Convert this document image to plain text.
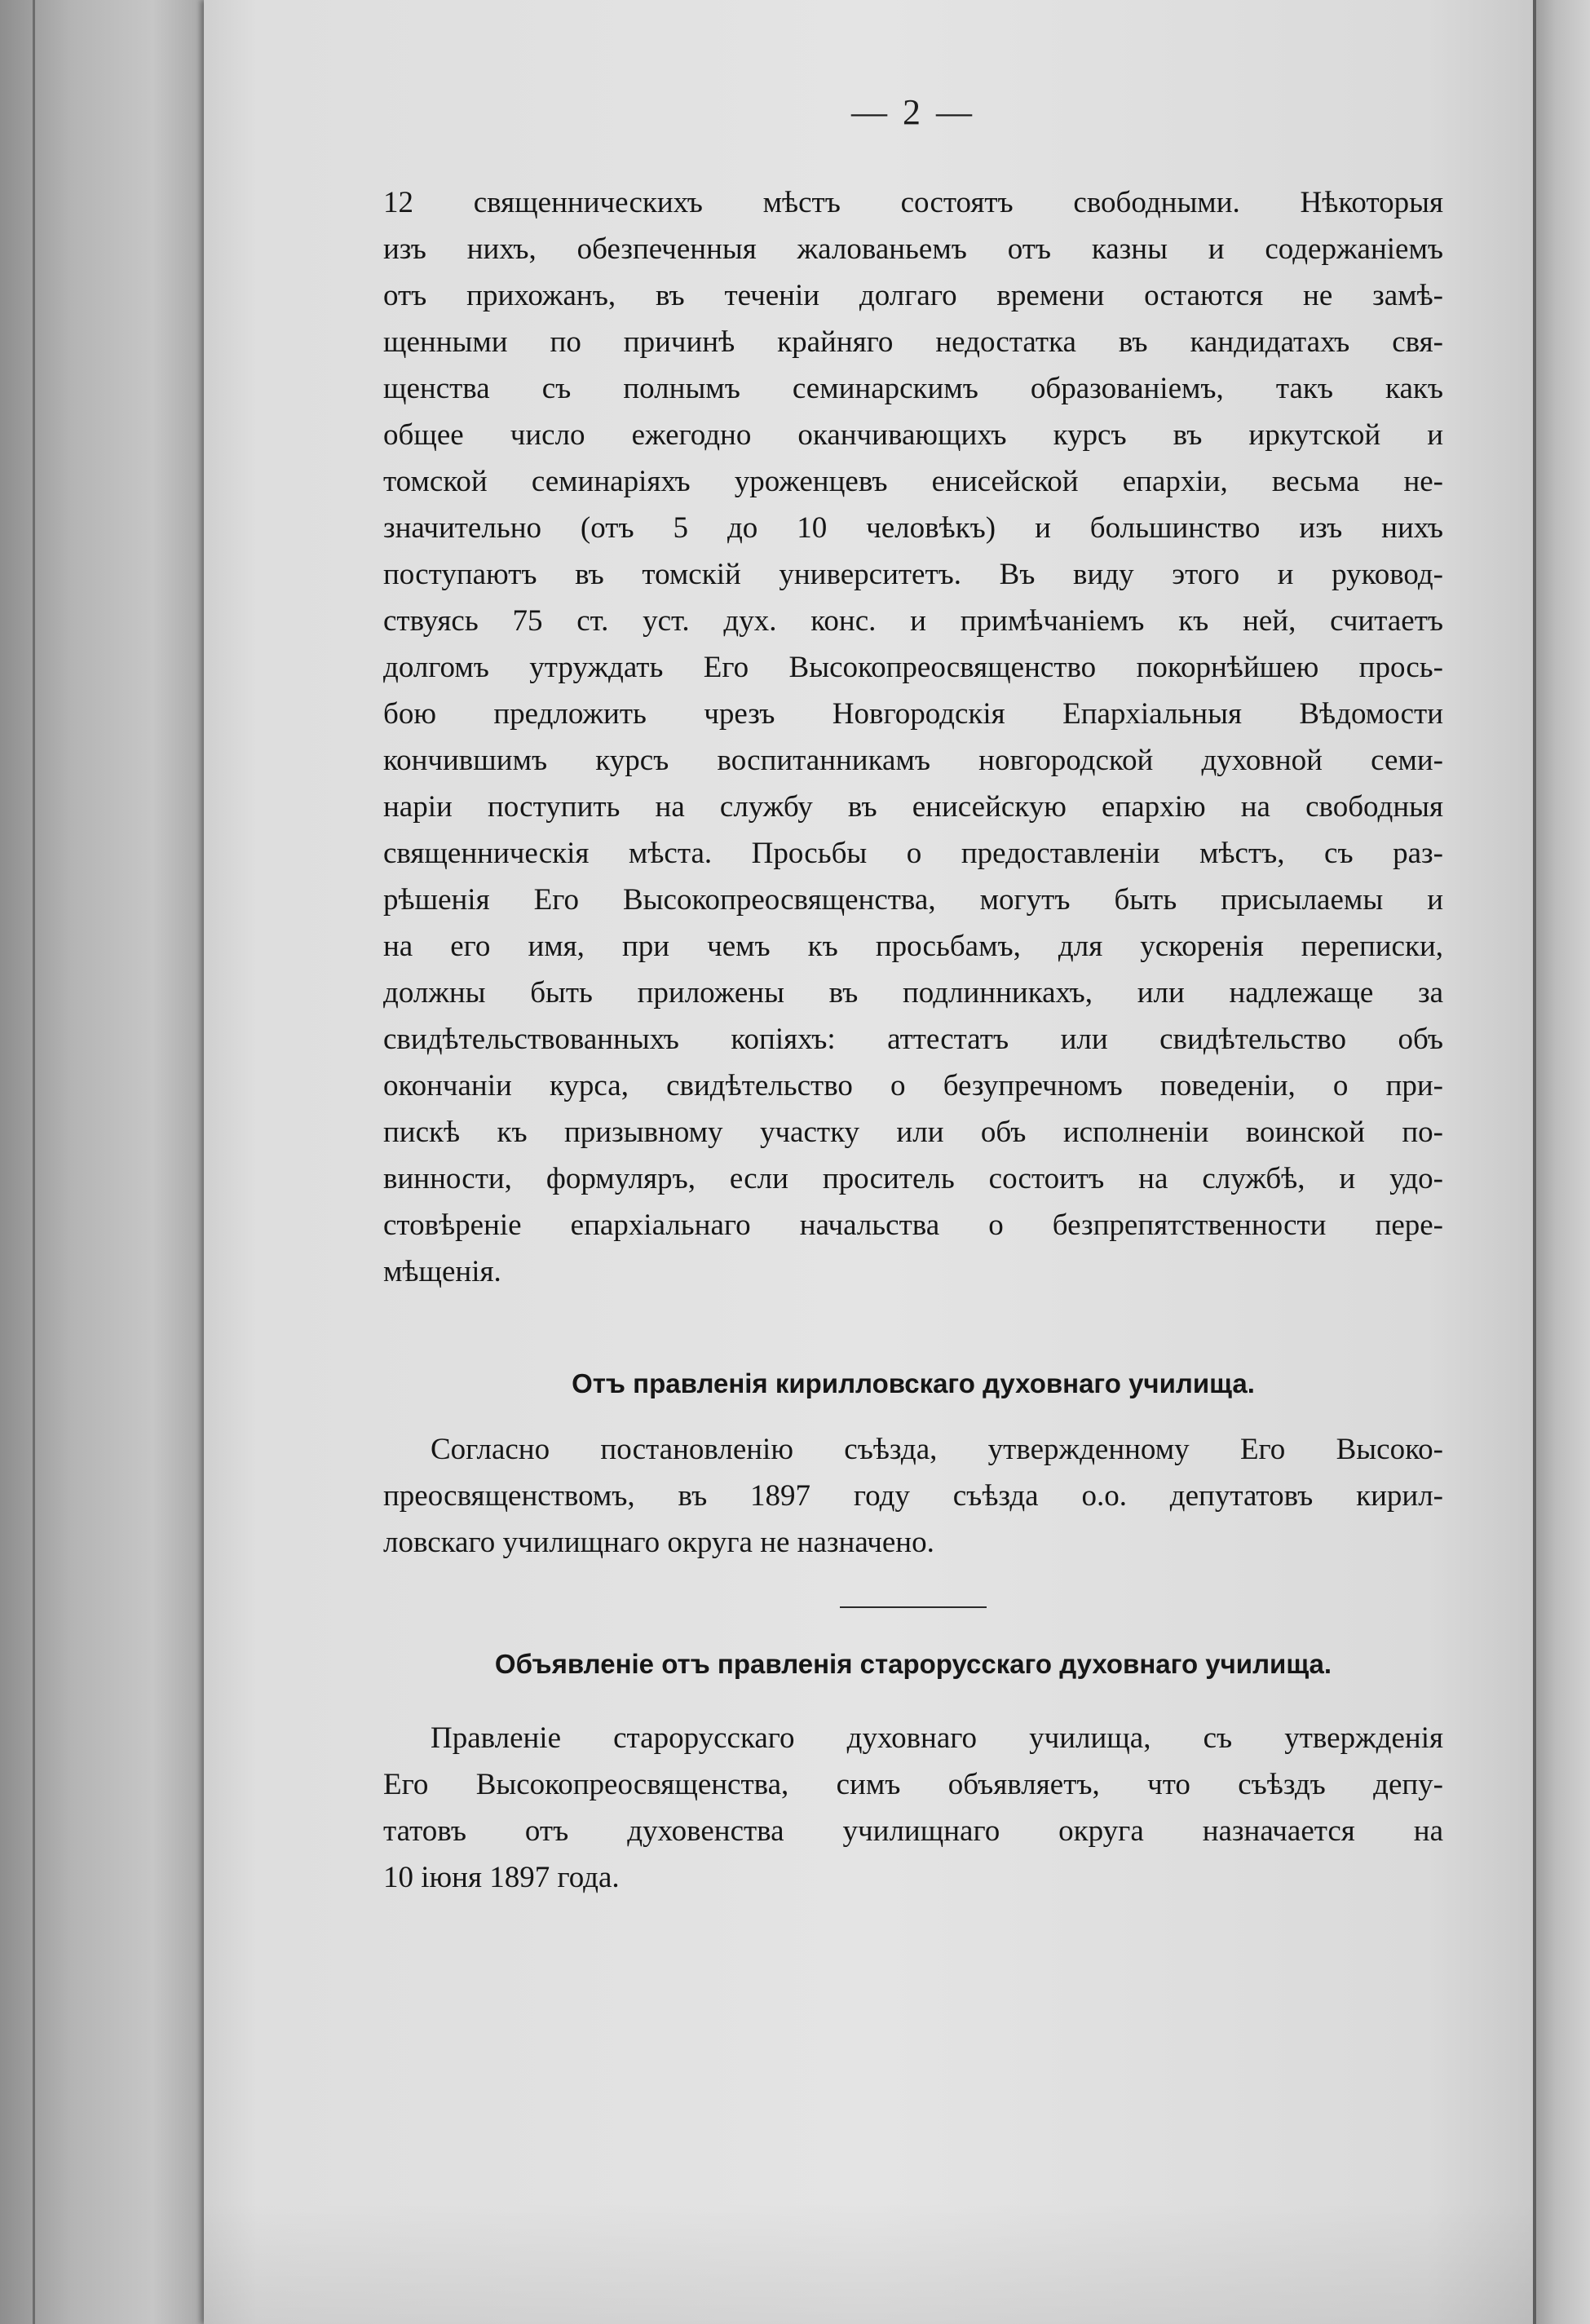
— 2 —
12 священническихъ мѣстъ состоятъ свободными. Нѣкоторыя
изъ нихъ, обезпеченныя жалованьемъ отъ казны и содержаніемъ
отъ прихожанъ, въ теченіи долгаго времени остаются не замѣ-
щенными по причинѣ крайняго недостатка въ кандидатахъ свя-
щенства съ полнымъ семинарскимъ образованіемъ, такъ какъ
общее число ежегодно оканчивающихъ курсъ въ иркутской и
томской семинаріяхъ уроженцевъ енисейской епархіи, весьма не-
значительно (отъ 5 до 10 человѣкъ) и большинство изъ нихъ
поступаютъ въ томскій университетъ. Въ виду этого и руковод-
ствуясь 75 ст. уст. дух. конс. и примѣчаніемъ къ ней, считаетъ
долгомъ утруждать Его Высокопреосвященство покорнѣйшею прось-
бою предложить чрезъ Новгородскія Епархіальныя Вѣдомости
кончившимъ курсъ воспитанникамъ новгородской духовной семи-
наріи поступить на службу въ енисейскую епархію на свободныя
священническія мѣста. Просьбы о предоставленіи мѣстъ, съ раз-
рѣшенія Его Высокопреосвященства, могутъ быть присылаемы и
на его имя, при чемъ къ просьбамъ, для ускоренія переписки,
должны быть приложены въ подлинникахъ, или надлежаще за
свидѣтельствованныхъ копіяхъ: аттестатъ или свидѣтельство объ
окончаніи курса, свидѣтельство о безупречномъ поведеніи, о при-
пискѣ къ призывному участку или объ исполненіи воинской по-
винности, формуляръ, если проситель состоитъ на службѣ, и удо-
стовѣреніе епархіальнаго начальства о безпрепятственности пере-
мѣщенія.
Отъ правленія кирилловскаго духовнаго училища.
Согласно постановленію съѣзда, утвержденному Его Высоко-
преосвященствомъ, въ 1897 году съѣзда о.о. депутатовъ кирил-
ловскаго училищнаго округа не назначено.
Объявленіе отъ правленія старорусскаго духовнаго училища.
Правленіе старорусскаго духовнаго училища, съ утвержденія
Его Высокопреосвященства, симъ объявляетъ, что съѣздъ депу-
татовъ отъ духовенства училищнаго округа назначается на
10 іюня 1897 года.
